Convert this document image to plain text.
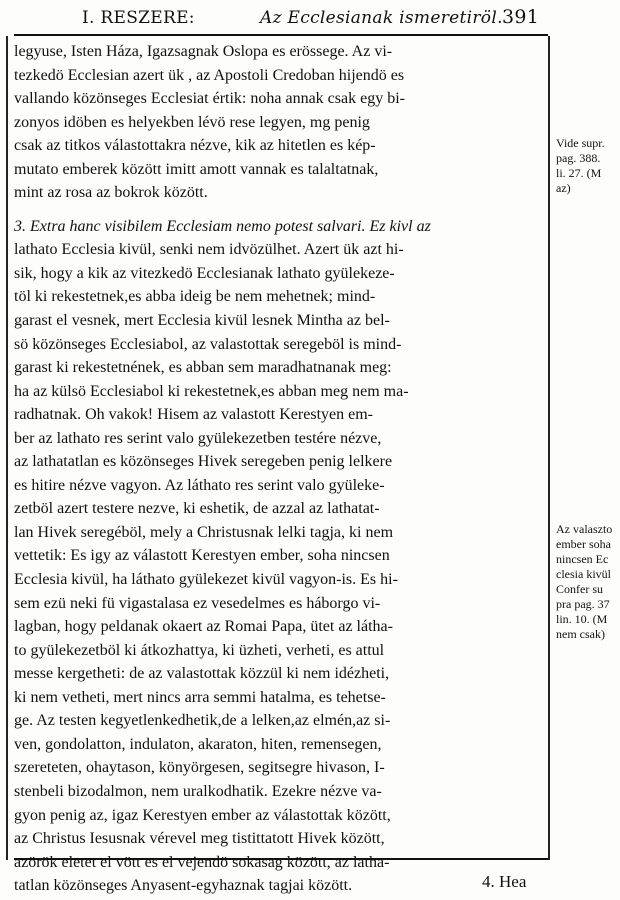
I. RESZERE:	Az Ecclesianak ismeretiröl. 391
legyuse, Isten Háza, Igazsagnak Oslopa es erössege. Az vi-
tezkedö Ecclesian azert ük , az Apostoli Credoban hijendö es
vallando közönseges Ecclesiat értik: noha annak csak egy bi-
zonyos idöben es helyekben lévö rese legyen, mg penig
csak az titkos válastottakra nézve, kik az hitetlen es kép-
mutato emberek között imitt amott vannak es talaltatnak,
mint az rosa az bokrok között.
3. Extra hanc visibilem Ecclesiam nemo potest salvari. Ez kivl az
lathato Ecclesia kivül, senki nem idvözülhet. Azert ük azt hi-
sik, hogy a kik az vitezkedö Ecclesianak lathato gyülekeze-
töl ki rekestetnek,es abba ideig be nem mehetnek; mind-
garast el vesnek, mert Ecclesia kivül lesnek Mintha az bel-
sö közönseges Ecclesiabol, az valastottak seregeböl is mind-
garast ki rekestetnének, es abban sem maradhatnanak meg:
ha az külsö Ecclesiabol ki rekestetnek,es abban meg nem ma-
radhatnak. Oh vakok! Hisem az valastott Kerestyen em-
ber az lathato res serint valo gyülekezetben testére nézve,
az lathatatlan es közönseges Hivek seregeben penig lelkere
es hitire nézve vagyon. Az láthato res serint valo gyüleke-
zetböl azert testere nezve, ki eshetik, de azzal az lathatat-
lan Hivek seregéböl, mely a Christusnak lelki tagja, ki nem
vettetik: Es igy az válastott Kerestyen ember, soha nincsen
Ecclesia kivül, ha láthato gyülekezet kivül vagyon-is. Es hi-
sem ezü neki fü vigastalasa ez vesedelmes es háborgo vi-
lagban, hogy peldanak okaert az Romai Papa, ütet az látha-
to gyülekezetböl ki átkozhattya, ki üzheti, verheti, es attul
messe kergetheti: de az valastottak közzül ki nem idézheti,
ki nem vetheti, mert nincs arra semmi hatalma, es tehetse-
ge. Az testen kegyetlenkedhetik,de a lelken,az elmén,az si-
ven, gondolatton, indulaton, akaraton, hiten, remensegen,
szereteten, ohaytason, könyörgesen, segitsegre hivason, I-
stenbeli bizodalmon, nem uralkodhatik. Ezekre nézve va-
gyon penig az, igaz Kerestyen ember az válastottak között,
az Christus Iesusnak vérevel meg tistittatott Hivek között,
azörök eletet el vött es el vejendö sokasag között, az latha-
tatlan közönseges Anyasent-egyhaznak tagjai között.
Vide supr.
pag. 388.
li. 27. (M
az)
Az valaszto
ember soha
nincsen Ec
clesia kivül
Confer su
pra pag. 37
lin. 10. (M
nem csak)
4. Hea
